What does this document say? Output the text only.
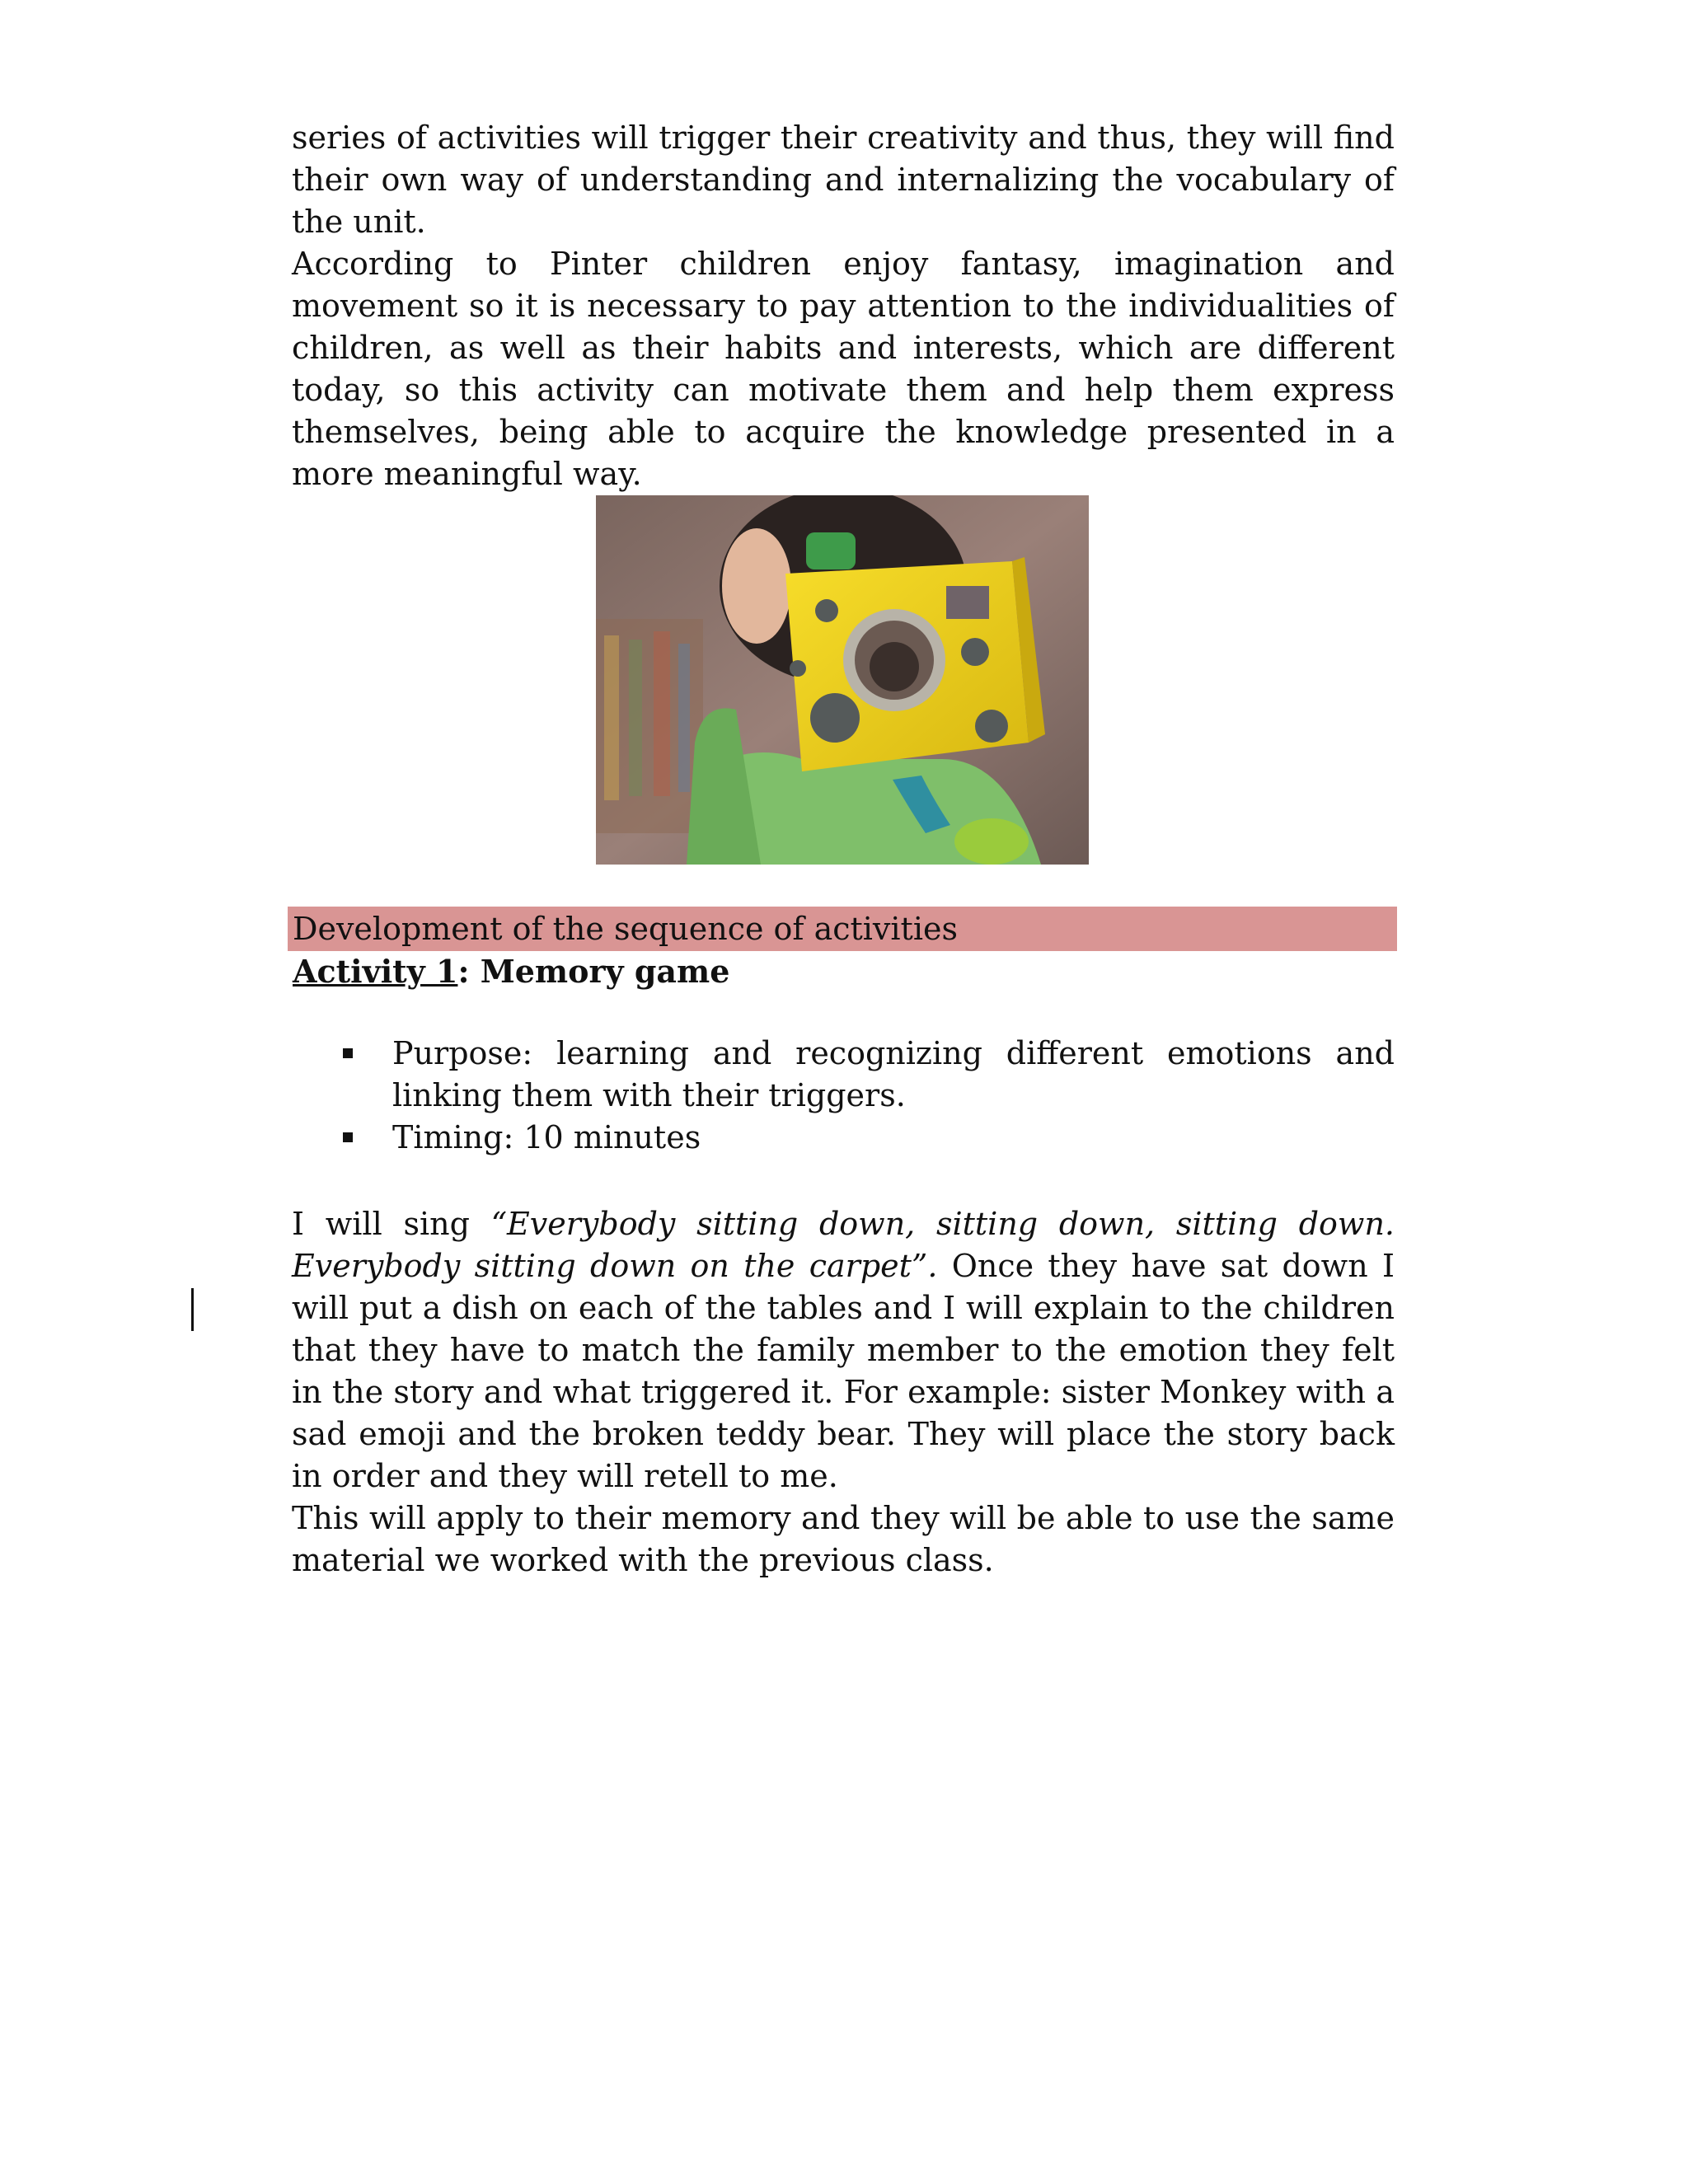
series of activities will trigger their creativity and thus, they will find their own way of understanding and internalizing the vocabulary of the unit.

According to Pinter children enjoy fantasy, imagination and movement so it is necessary to pay attention to the individualities of children, as well as their habits and interests, which are different today, so this activity can motivate them and help them express themselves, being able to acquire the knowledge presented in a more meaningful way.

Development of the sequence of activities
Activity 1: Memory game
Purpose: learning and recognizing different emotions and linking them with their triggers.
Timing: 10 minutes

I will sing “Everybody sitting down, sitting down, sitting down. Everybody sitting down on the carpet”. Once they have sat down I will put a dish on each of the tables and I will explain to the children that they have to match the family member to the emotion they felt in the story and what triggered it. For example: sister Monkey with a sad emoji and the broken teddy bear. They will place the story back in order and they will retell to me.

This will apply to their memory and they will be able to use the same material we worked with the previous class.
